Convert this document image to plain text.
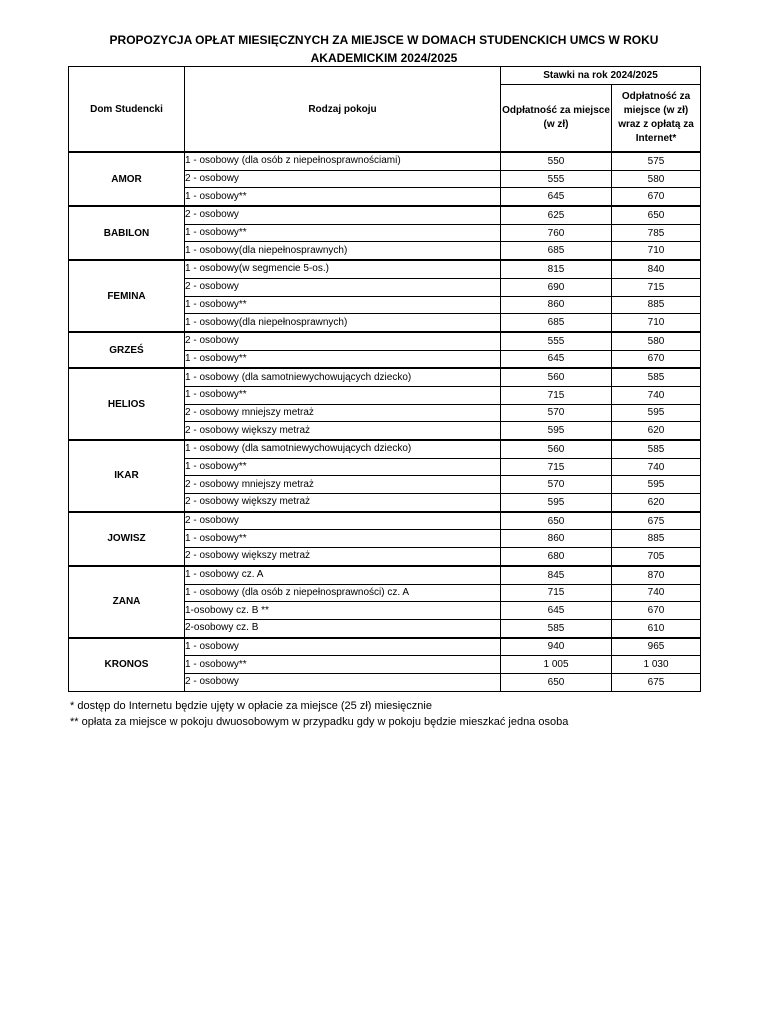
PROPOZYCJA OPŁAT MIESIĘCZNYCH ZA MIEJSCE W DOMACH STUDENCKICH UMCS W ROKU
AKADEMICKIM 2024/2025
Dom Studencki	Rodzaj pokoju	Stawki na rok 2024/2025	
		Odpłatność za miejsce (w zł)	Odpłatność za miejsce (w zł) wraz z opłatą za Internet*
AMOR	1 - osobowy (dla osób z niepełnosprawnościami)	550	575
	2 - osobowy	555	580
	1 - osobowy**	645	670
BABILON	2 - osobowy	625	650
	1 - osobowy**	760	785
	1 - osobowy(dla niepełnosprawnych)	685	710
FEMINA	1 - osobowy(w segmencie 5-os.)	815	840
	2 - osobowy	690	715
	1 - osobowy**	860	885
	1 - osobowy(dla niepełnosprawnych)	685	710
GRZEŚ	2 - osobowy	555	580
	1 - osobowy**	645	670
HELIOS	1 - osobowy (dla samotniewychowujących dziecko)	560	585
	1 - osobowy**	715	740
	2 - osobowy mniejszy metraż	570	595
	2 - osobowy większy metraż	595	620
IKAR	1 - osobowy (dla samotniewychowujących dziecko)	560	585
	1 - osobowy**	715	740
	2 - osobowy mniejszy metraż	570	595
	2 - osobowy większy metraż	595	620
JOWISZ	2 - osobowy	650	675
	1 - osobowy**	860	885
	2 - osobowy większy metraż	680	705
ZANA	1 - osobowy cz. A	845	870
	1 - osobowy (dla osób z niepełnosprawności) cz. A	715	740
	1-osobowy cz. B **	645	670
	2-osobowy cz. B	585	610
KRONOS	1 - osobowy	940	965
	1 - osobowy**	1 005	1 030
	2 - osobowy	650	675
* dostęp do Internetu będzie ujęty w opłacie za miejsce (25 zł) miesięcznie
** opłata za miejsce w pokoju dwuosobowym w przypadku gdy w pokoju będzie mieszkać jedna osoba
